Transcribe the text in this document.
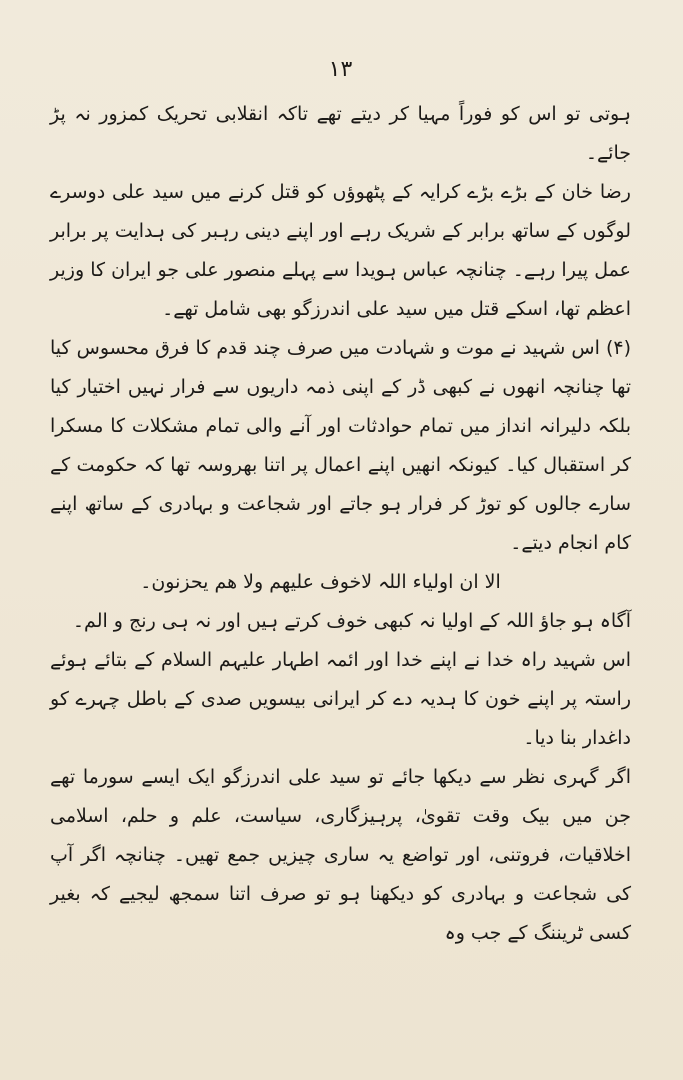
۱۳

ہوتی تو اس کو فوراً مہیا کر دیتے تھے تاکہ انقلابی تحریک کمزور نہ پڑ جائے۔

رضا خان کے بڑے بڑے کرایہ کے پٹھوؤں کو قتل کرنے میں سید علی دوسرے لوگوں کے ساتھ برابر کے شریک رہے اور اپنے دینی رہبر کی ہدایت پر برابر عمل پیرا رہے۔ چنانچہ عباس ہویدا سے پہلے منصور علی جو ایران کا وزیر اعظم تھا، اسکے قتل میں سید علی اندرزگو بھی شامل تھے۔

(۴) اس شہید نے موت و شہادت میں صرف چند قدم کا فرق محسوس کیا تھا چنانچہ انھوں نے کبھی ڈر کے اپنی ذمہ داریوں سے فرار نہیں اختیار کیا بلکہ دلیرانہ انداز میں تمام حوادثات اور آنے والی تمام مشکلات کا مسکرا کر استقبال کیا۔ کیونکہ انھیں اپنے اعمال پر اتنا بھروسہ تھا کہ حکومت کے سارے جالوں کو توڑ کر فرار ہو جاتے اور شجاعت و بہادری کے ساتھ اپنے کام انجام دیتے۔

الا ان اولیاء اللہ لاخوف علیھم ولا ھم یحزنون۔

آگاہ ہو جاؤ اللہ کے اولیا نہ کبھی خوف کرتے ہیں اور نہ ہی رنج و الم۔

اس شہید راہ خدا نے اپنے خدا اور ائمہ اطہار علیہم السلام کے بتائے ہوئے راستہ پر اپنے خون کا ہدیہ دے کر ایرانی بیسویں صدی کے باطل چہرے کو داغدار بنا دیا۔

اگر گہری نظر سے دیکھا جائے تو سید علی اندرزگو ایک ایسے سورما تھے جن میں بیک وقت تقویٰ، پرہیزگاری، سیاست، علم و حلم، اسلامی اخلاقیات، فروتنی، اور تواضع یہ ساری چیزیں جمع تھیں۔ چنانچہ اگر آپ کی شجاعت و بہادری کو دیکھنا ہو تو صرف اتنا سمجھ لیجیے کہ بغیر کسی ٹریننگ کے جب وہ
